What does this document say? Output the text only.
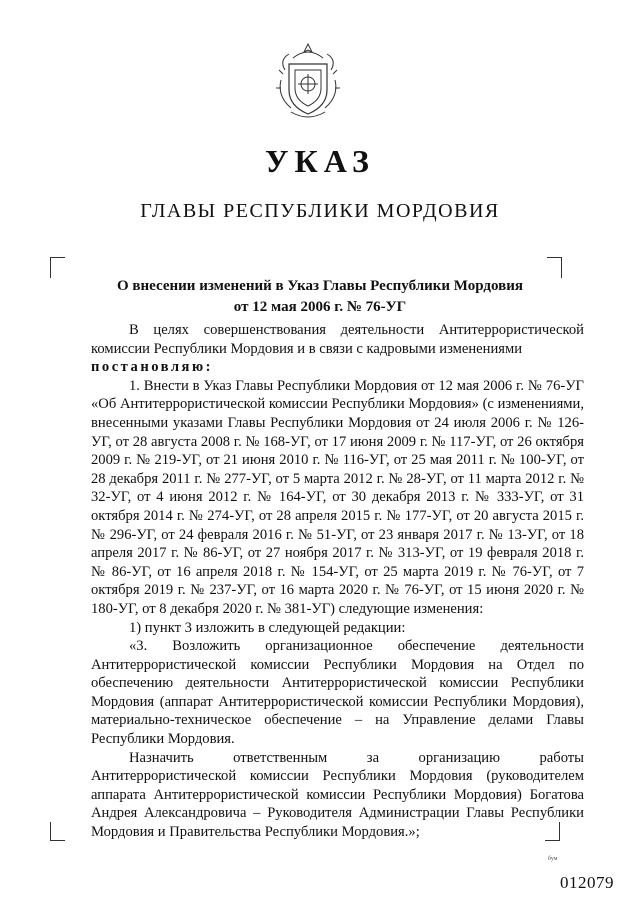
УКАЗ
ГЛАВЫ РЕСПУБЛИКИ МОРДОВИЯ
О внесении изменений в Указ Главы Республики Мордовия
от 12 мая 2006 г. № 76-УГ

В целях совершенствования деятельности Антитеррористической комиссии Республики Мордовия и в связи с кадровыми изменениями

постановляю:

1. Внести в Указ Главы Республики Мордовия от 12 мая 2006 г. № 76-УГ «Об Антитеррористической комиссии Республики Мордовия» (с изменениями, внесенными указами Главы Республики Мордовия от 24 июля 2006 г. № 126-УГ, от 28 августа 2008 г. № 168-УГ, от 17 июня 2009 г. № 117-УГ, от 26 октября 2009 г. № 219-УГ, от 21 июня 2010 г. № 116-УГ, от 25 мая 2011 г. № 100-УГ, от 28 декабря 2011 г. № 277-УГ, от 5 марта 2012 г. № 28-УГ, от 11 марта 2012 г. № 32-УГ, от 4 июня 2012 г. № 164-УГ, от 30 декабря 2013 г. № 333-УГ, от 31 октября 2014 г. № 274-УГ, от 28 апреля 2015 г. № 177-УГ, от 20 августа 2015 г. № 296-УГ, от 24 февраля 2016 г. № 51-УГ, от 23 января 2017 г. № 13-УГ, от 18 апреля 2017 г. № 86-УГ, от 27 ноября 2017 г. № 313-УГ, от 19 февраля 2018 г. № 86-УГ, от 16 апреля 2018 г. № 154-УГ, от 25 марта 2019 г. № 76-УГ, от 7 октября 2019 г. № 237-УГ, от 16 марта 2020 г. № 76-УГ, от 15 июня 2020 г. № 180-УГ, от 8 декабря 2020 г. № 381-УГ) следующие изменения:

1) пункт 3 изложить в следующей редакции:

«3. Возложить организационное обеспечение деятельности Антитеррористической комиссии Республики Мордовия на Отдел по обеспечению деятельности Антитеррористической комиссии Республики Мордовия (аппарат Антитеррористической комиссии Республики Мордовия), материально-техническое обеспечение – на Управление делами Главы Республики Мордовия.

Назначить ответственным за организацию работы Антитеррористической комиссии Республики Мордовия (руководителем аппарата Антитеррористической комиссии Республики Мордовия) Богатова Андрея Александровича – Руководителя Администрации Главы Республики Мордовия и Правительства Республики Мордовия.»;

бум
012079
